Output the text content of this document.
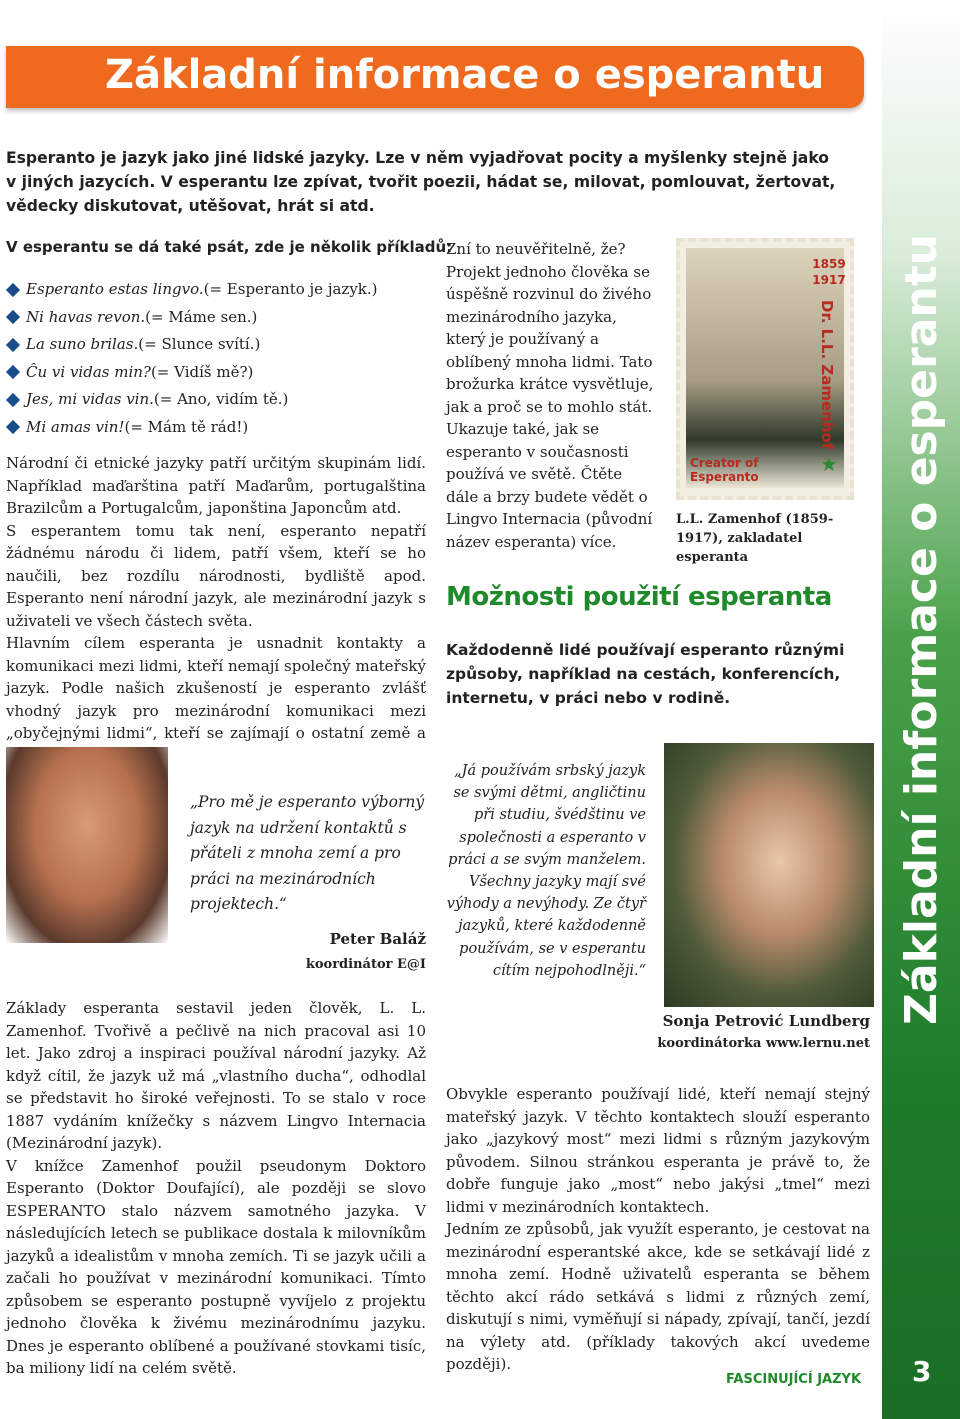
Základní informace o esperantu
Esperanto je jazyk jako jiné lidské jazyky. Lze v něm vyjadřovat pocity a myšlenky stejně jako v jiných jazycích. V esperantu lze zpívat, tvořit poezii, hádat se, milovat, pomlouvat, žertovat, vědecky diskutovat, utěšovat, hrát si atd.
V esperantu se dá také psát, zde je několik příkladů:
Esperanto estas lingvo. (= Esperanto je jazyk.)
Ni havas revon. (= Máme sen.)
La suno brilas. (= Slunce svítí.)
Ĉu vi vidas min? (= Vidíš mě?)
Jes, mi vidas vin. (= Ano, vidím tě.)
Mi amas vin! (= Mám tě rád!)

Národní či etnické jazyky patří určitým skupinám lidí. Například maďarština patří Maďarům, portugalština Brazilcům a Portugalcům, japonština Japoncům atd.

S esperantem tomu tak není, esperanto nepatří žádnému národu či lidem, patří všem, kteří se ho naučili, bez rozdílu národnosti, bydliště apod. Esperanto není národní jazyk, ale mezinárodní jazyk s uživateli ve všech částech světa.

Hlavním cílem esperanta je usnadnit kontakty a komunikaci mezi lidmi, kteří nemají společný mateřský jazyk. Podle našich zkušeností je esperanto zvlášť vhodný jazyk pro mezinárodní komunikaci mezi „obyčejnými lidmi“, kteří se zajímají o ostatní země a

„Pro mě je esperanto výborný jazyk na udržení kontaktů s přáteli z mnoha zemí a pro práci na mezinárodních projektech.“
Peter Baláž
koordinátor E@I

Základy esperanta sestavil jeden člověk, L. L. Zamenhof. Tvořivě a pečlivě na nich pracoval asi 10 let. Jako zdroj a inspiraci používal národní jazyky. Až když cítil, že jazyk už má „vlastního ducha“, odhodlal se představit ho široké veřejnosti. To se stalo v roce 1887 vydáním knížečky s názvem Lingvo Internacia (Mezinárodní jazyk).

V knížce Zamenhof použil pseudonym Doktoro Esperanto (Doktor Doufající), ale později se slovo ESPERANTO stalo názvem samotného jazyka. V následujících letech se publikace dostala k milovníkům jazyků a idealistům v mnoha zemích. Ti se jazyk učili a začali ho používat v mezinárodní komunikaci. Tímto způsobem se esperanto postupně vyvíjelo z projektu jednoho člověka k živému mezinárodnímu jazyku. Dnes je esperanto oblíbené a používané stovkami tisíc, ba miliony lidí na celém světě.

Zní to neuvěřitelně, že? Projekt jednoho člověka se úspěšně rozvinul do živého mezinárodního jazyka, který je používaný a oblíbený mnoha lidmi. Tato brožurka krátce vysvětluje, jak a proč se to mohlo stát. Ukazuje také, jak se esperanto v současnosti používá ve světě. Čtěte dále a brzy budete vědět o Lingvo Internacia (původní název esperanta) více.
1859
1917
Dr. L.L. Zamenhof
Creator of Esperanto
★
L.L. Zamenhof (1859-1917), zakladatel esperanta
Možnosti použití esperanta
Každodenně lidé používají esperanto různými způsoby, například na cestách, konferencích, internetu, v práci nebo v rodině.
„Já používám srbský jazyk se svými dětmi, angličtinu při studiu, švédštinu ve společnosti a esperanto v práci a se svým manželem. Všechny jazyky mají své výhody a nevýhody. Ze čtyř jazyků, které každodenně používám, se v esperantu cítím nejpohodlněji.“
Sonja Petrović Lundberg
koordinátorka www.lernu.net

Obvykle esperanto používají lidé, kteří nemají stejný mateřský jazyk. V těchto kontaktech slouží esperanto jako „jazykový most“ mezi lidmi s různým jazykovým původem. Silnou stránkou esperanta je právě to, že dobře funguje jako „most“ nebo jakýsi „tmel“ mezi lidmi v mezinárodních kontaktech.

Jedním ze způsobů, jak využít esperanto, je cestovat na mezinárodní esperantské akce, kde se setkávají lidé z mnoha zemí. Hodně uživatelů esperanta se během těchto akcí rádo setkává s lidmi z různých zemí, diskutují s nimi, vyměňují si nápady, zpívají, tančí, jezdí na výlety atd. (příklady takových akcí uvedeme později).

FASCINUJÍCÍ JAZYK 3
